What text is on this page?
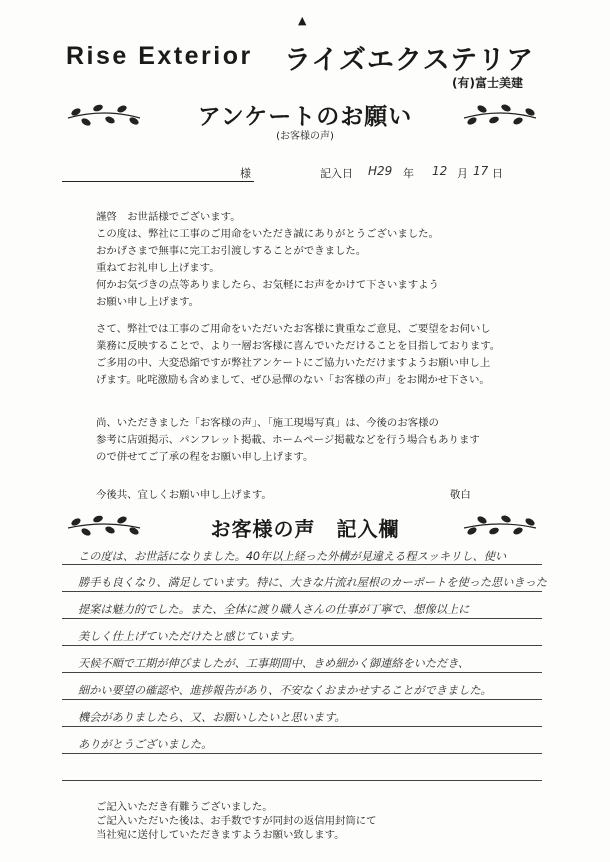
▲
Rise Exterior ライズエクステリア
(有)富士美建
アンケートのお願い
(お客様の声)
様	記入日 H29 年 12 月 17 日
謹啓　お世話様でございます。
この度は、弊社に工事のご用命をいただき誠にありがとうございました。
おかげさまで無事に完工お引渡しすることができました。
重ねてお礼申し上げます。
何かお気づきの点等ありましたら、お気軽にお声をかけて下さいますよう
お願い申し上げます。
さて、弊社では工事のご用命をいただいたお客様に貴重なご意見、ご要望をお伺いし
業務に反映することで、より一層お客様に喜んでいただけることを目指しております。
ご多用の中、大変恐縮ですが弊社アンケートにご協力いただけますようお願い申し上
げます。叱咤激励も含めまして、ぜひ忌憚のない「お客様の声」をお聞かせ下さい。
尚、いただきました「お客様の声」、「施工現場写真」は、今後のお客様の
参考に店頭掲示、パンフレット掲載、ホームページ掲載などを行う場合もあります
ので併せてご了承の程をお願い申し上げます。
今後共、宜しくお願い申し上げます。	敬白
お客様の声　記入欄
この度は、お世話になりました。40年以上経った外構が見違える程スッキリし、使い
勝手も良くなり、満足しています。特に、大きな片流れ屋根のカーポートを使った思いきった
提案は魅力的でした。また、全体に渡り職人さんの仕事が丁寧で、想像以上に
美しく仕上げていただけたと感じています。
天候不順で工期が伸びましたが、工事期間中、きめ細かく御連絡をいただき、
細かい要望の確認や、進捗報告があり、不安なくおまかせすることができました。
機会がありましたら、又、お願いしたいと思います。
ありがとうございました。
ご記入いただき有難うございました。
ご記入いただいた後は、お手数ですが同封の返信用封筒にて
当社宛に送付していただきますようお願い致します。
